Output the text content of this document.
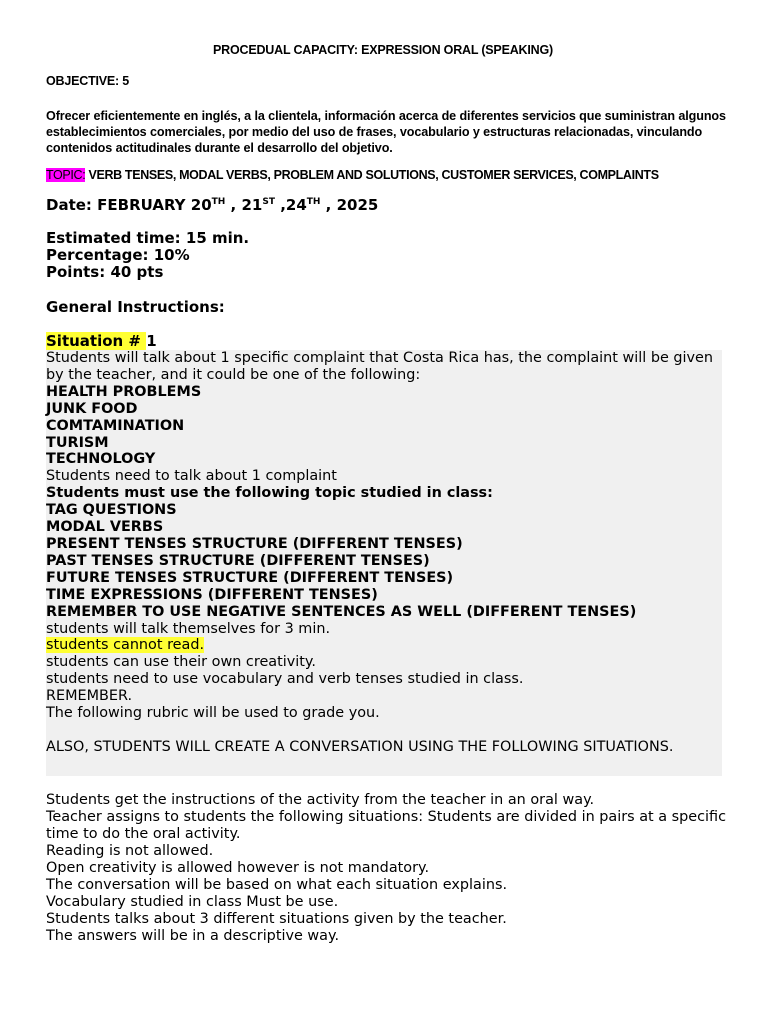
PROCEDUAL CAPACITY: EXPRESSION ORAL (SPEAKING)
OBJECTIVE: 5
Ofrecer eficientemente en inglés, a la clientela, información acerca de diferentes servicios que suministran algunos establecimientos comerciales, por medio del uso de frases, vocabulario y estructuras relacionadas, vinculando contenidos actitudinales durante el desarrollo del objetivo.
TOPIC: VERB TENSES, MODAL VERBS, PROBLEM AND SOLUTIONS, CUSTOMER SERVICES, COMPLAINTS
Date: FEBRUARY 20TH , 21ST ,24TH , 2025
Estimated time: 15 min.
Percentage: 10%
Points: 40 pts
General Instructions:
Situation # 1
Students will talk about 1 specific complaint that Costa Rica has, the complaint will be given by the teacher, and it could be one of the following:
HEALTH PROBLEMS
JUNK FOOD
COMTAMINATION
TURISM
TECHNOLOGY
Students need to talk about 1 complaint
Students must use the following topic studied in class:
TAG QUESTIONS
MODAL VERBS
PRESENT TENSES STRUCTURE (DIFFERENT TENSES)
PAST TENSES STRUCTURE (DIFFERENT TENSES)
FUTURE TENSES STRUCTURE (DIFFERENT TENSES)
TIME EXPRESSIONS (DIFFERENT TENSES)
REMEMBER TO USE NEGATIVE SENTENCES AS WELL (DIFFERENT TENSES)
students will talk themselves for 3 min.
students cannot read.
students can use their own creativity.
students need to use vocabulary and verb tenses studied in class.
REMEMBER.
The following rubric will be used to grade you.

ALSO, STUDENTS WILL CREATE A CONVERSATION USING THE FOLLOWING SITUATIONS.
Students get the instructions of the activity from the teacher in an oral way.
Teacher assigns to students the following situations: Students are divided in pairs at a specific time to do the oral activity.
Reading is not allowed.
Open creativity is allowed however is not mandatory.
The conversation will be based on what each situation explains.
Vocabulary studied in class Must be use.
Students talks about 3 different situations given by the teacher.
The answers will be in a descriptive way.
